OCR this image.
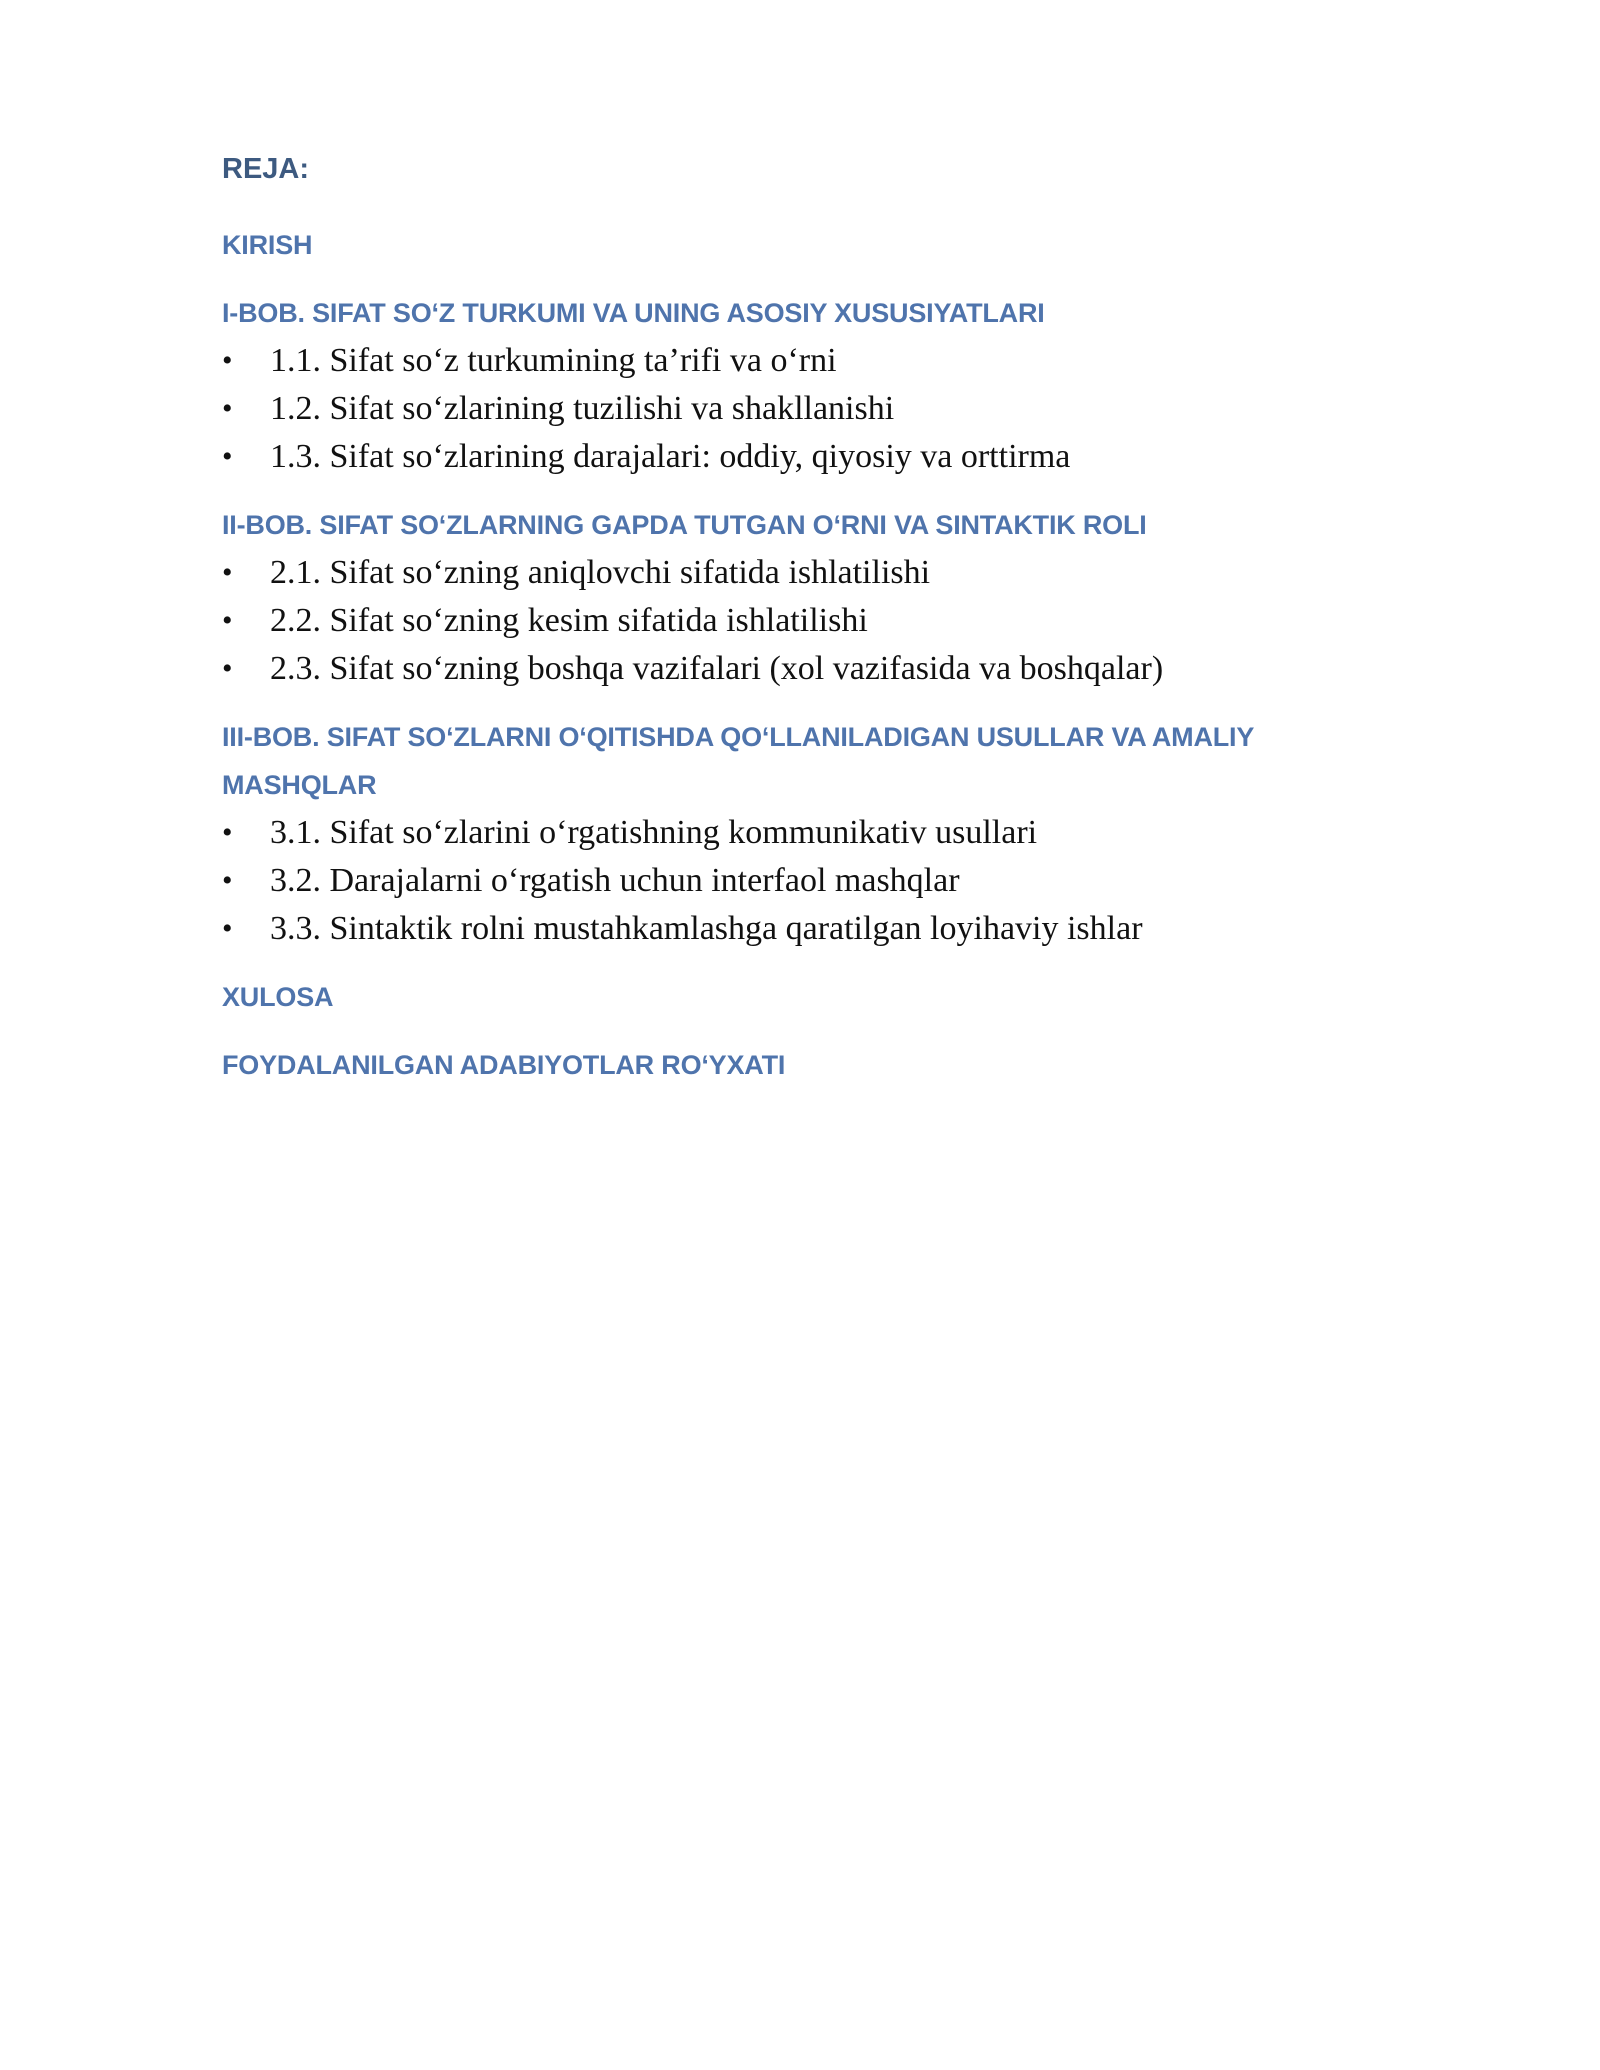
REJA:
KIRISH
I-BOB. SIFAT SO‘Z TURKUMI VA UNING ASOSIY XUSUSIYATLARI
• 1.1. Sifat so‘z turkumining ta’rifi va o‘rni
• 1.2. Sifat so‘zlarining tuzilishi va shakllanishi
• 1.3. Sifat so‘zlarining darajalari: oddiy, qiyosiy va orttirma
II-BOB. SIFAT SO‘ZLARNING GAPDA TUTGAN O‘RNI VA SINTAKTIK ROLI
• 2.1. Sifat so‘zning aniqlovchi sifatida ishlatilishi
• 2.2. Sifat so‘zning kesim sifatida ishlatilishi
• 2.3. Sifat so‘zning boshqa vazifalari (xol vazifasida va boshqalar)
III-BOB. SIFAT SO‘ZLARNI O‘QITISHDA QO‘LLANILADIGAN USULLAR VA AMALIY MASHQLAR
• 3.1. Sifat so‘zlarini o‘rgatishning kommunikativ usullari
• 3.2. Darajalarni o‘rgatish uchun interfaol mashqlar
• 3.3. Sintaktik rolni mustahkamlashga qaratilgan loyihaviy ishlar
XULOSA
FOYDALANILGAN ADABIYOTLAR RO‘YXATI
